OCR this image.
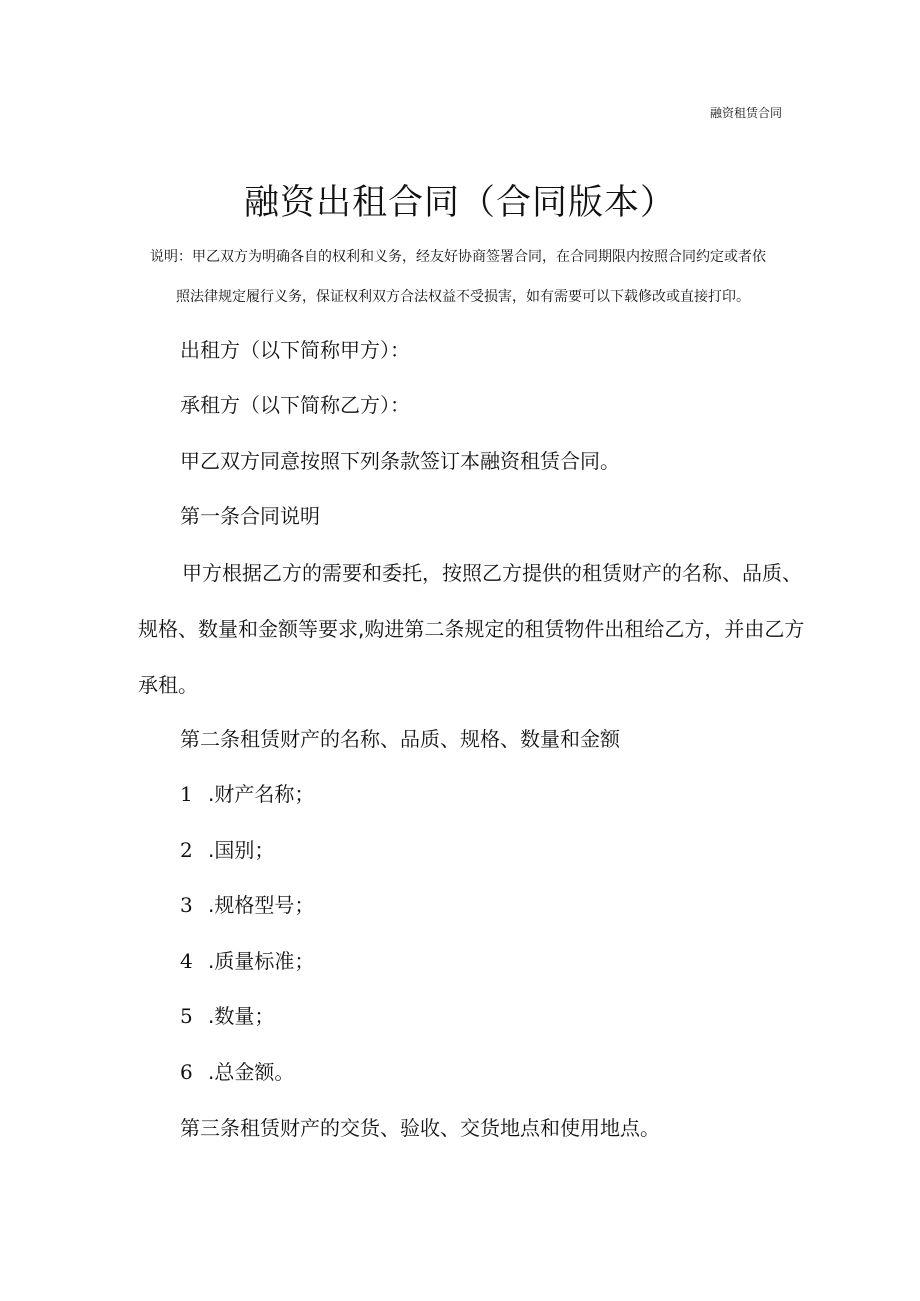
融资租赁合同
融资出租合同（合同版本）
说明：甲乙双方为明确各自的权利和义务，经友好协商签署合同，在合同期限内按照合同约定或者依
照法律规定履行义务，保证权利双方合法权益不受损害，如有需要可以下载修改或直接打印。
出租方（以下简称甲方）：
承租方（以下简称乙方）：
甲乙双方同意按照下列条款签订本融资租赁合同。
第一条合同说明

甲方根据乙方的需要和委托，按照乙方提供的租赁财产的名称、品质、规格、数量和金额等要求,购进第二条规定的租赁物件出租给乙方，并由乙方承租。

第二条租赁财产的名称、品质、规格、数量和金额
1 .财产名称；
2 .国别；
3 .规格型号；
4 .质量标准；
5 .数量；
6 .总金额。
第三条租赁财产的交货、验收、交货地点和使用地点。
